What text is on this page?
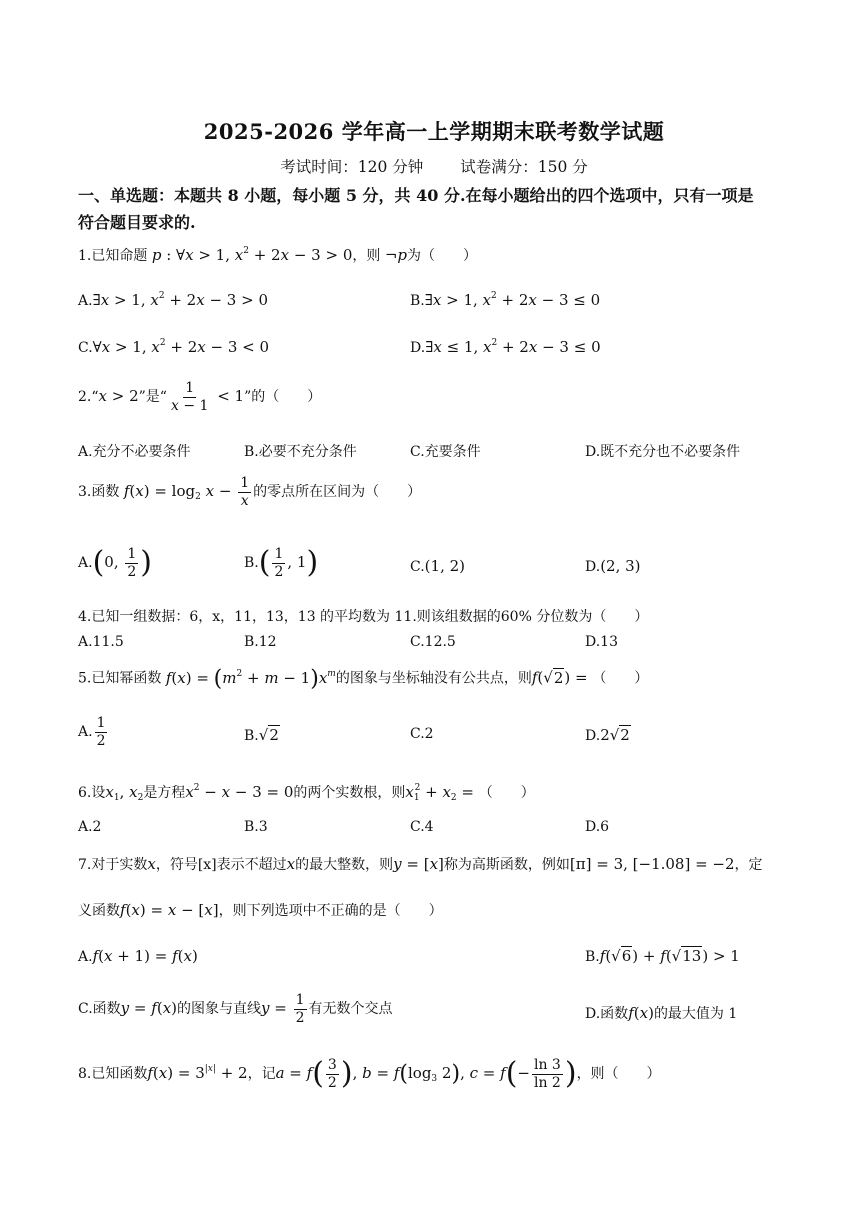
2025-2026 学年高一上学期期末联考数学试题
考试时间：120 分钟 试卷满分：150 分
一、单选题：本题共 8 小题，每小题 5 分，共 40 分.在每小题给出的四个选项中，只有一项是
符合题目要求的.
1.已知命题 p : ∀x > 1, $x^2 + 2x - 3 > 0$，则 ¬p为（　　）
A.∃x > 1, $x^2 + 2x - 3 > 0$	B.∃x > 1, $x^2 + 2x - 3 \le 0$
C.∀x > 1, $x^2 + 2x - 3 < 0$	D.∃x ≤ 1, $x^2 + 2x - 3 \le 0$
2.“x > 2”是“ $\frac{1}{x - 1} < 1$”的（　　）
A.充分不必要条件	B.必要不充分条件	C.充要条件	D.既不充分也不必要条件
3.函数 $f(x) = \log_2 x - \frac{1}{x}$ 的零点所在区间为（　　）
A.(0, $\frac{1}{2}$ )	$B.( \frac{1}{2}$ , 1)	C.(1, 2)	D.(2, 3)
4.已知一组数据：6，x，11，13，13 的平均数为 11.则该组数据的60% 分位数为（　　）
A.11.5	B.12	C.12.5	D.13
5.已知幂函数 $f(x) = (m^2 + m - 1)x^m$的图象与坐标轴没有公共点，则f(√2) = （　　）
A. $\frac{1}{2}$	B.√2	C.2	D.2√2
6.设$x_1$, $x_2$是方程$x^2 - x - 3 = 0$的两个实数根，则$x_1^2 + x_2$ = （　　）
A.2	B.3	C.4	D.6
7.对于实数x，符号[x]表示不超过x的最大整数，则y = [x]称为高斯函数，例如[π] = 3, [−1.08] = −2，定
义函数f(x) = x − [x]，则下列选项中不正确的是（　　）
A.f(x + 1) = f(x)	B.f(√6) + f(√13) > 1
C.函数y = f(x)的图象与直线$y = \frac{1}{2}$ 有无数个交点	D.函数f(x)的最大值为 1
8.已知函数$f(x) = 3^{|x|} + 2$，记$a = f( \frac{3}{2}$ ), $b = f(\log_3$ 2), $c = f(- \frac{\ln 3}{\ln 2}$ )，则（　　）
